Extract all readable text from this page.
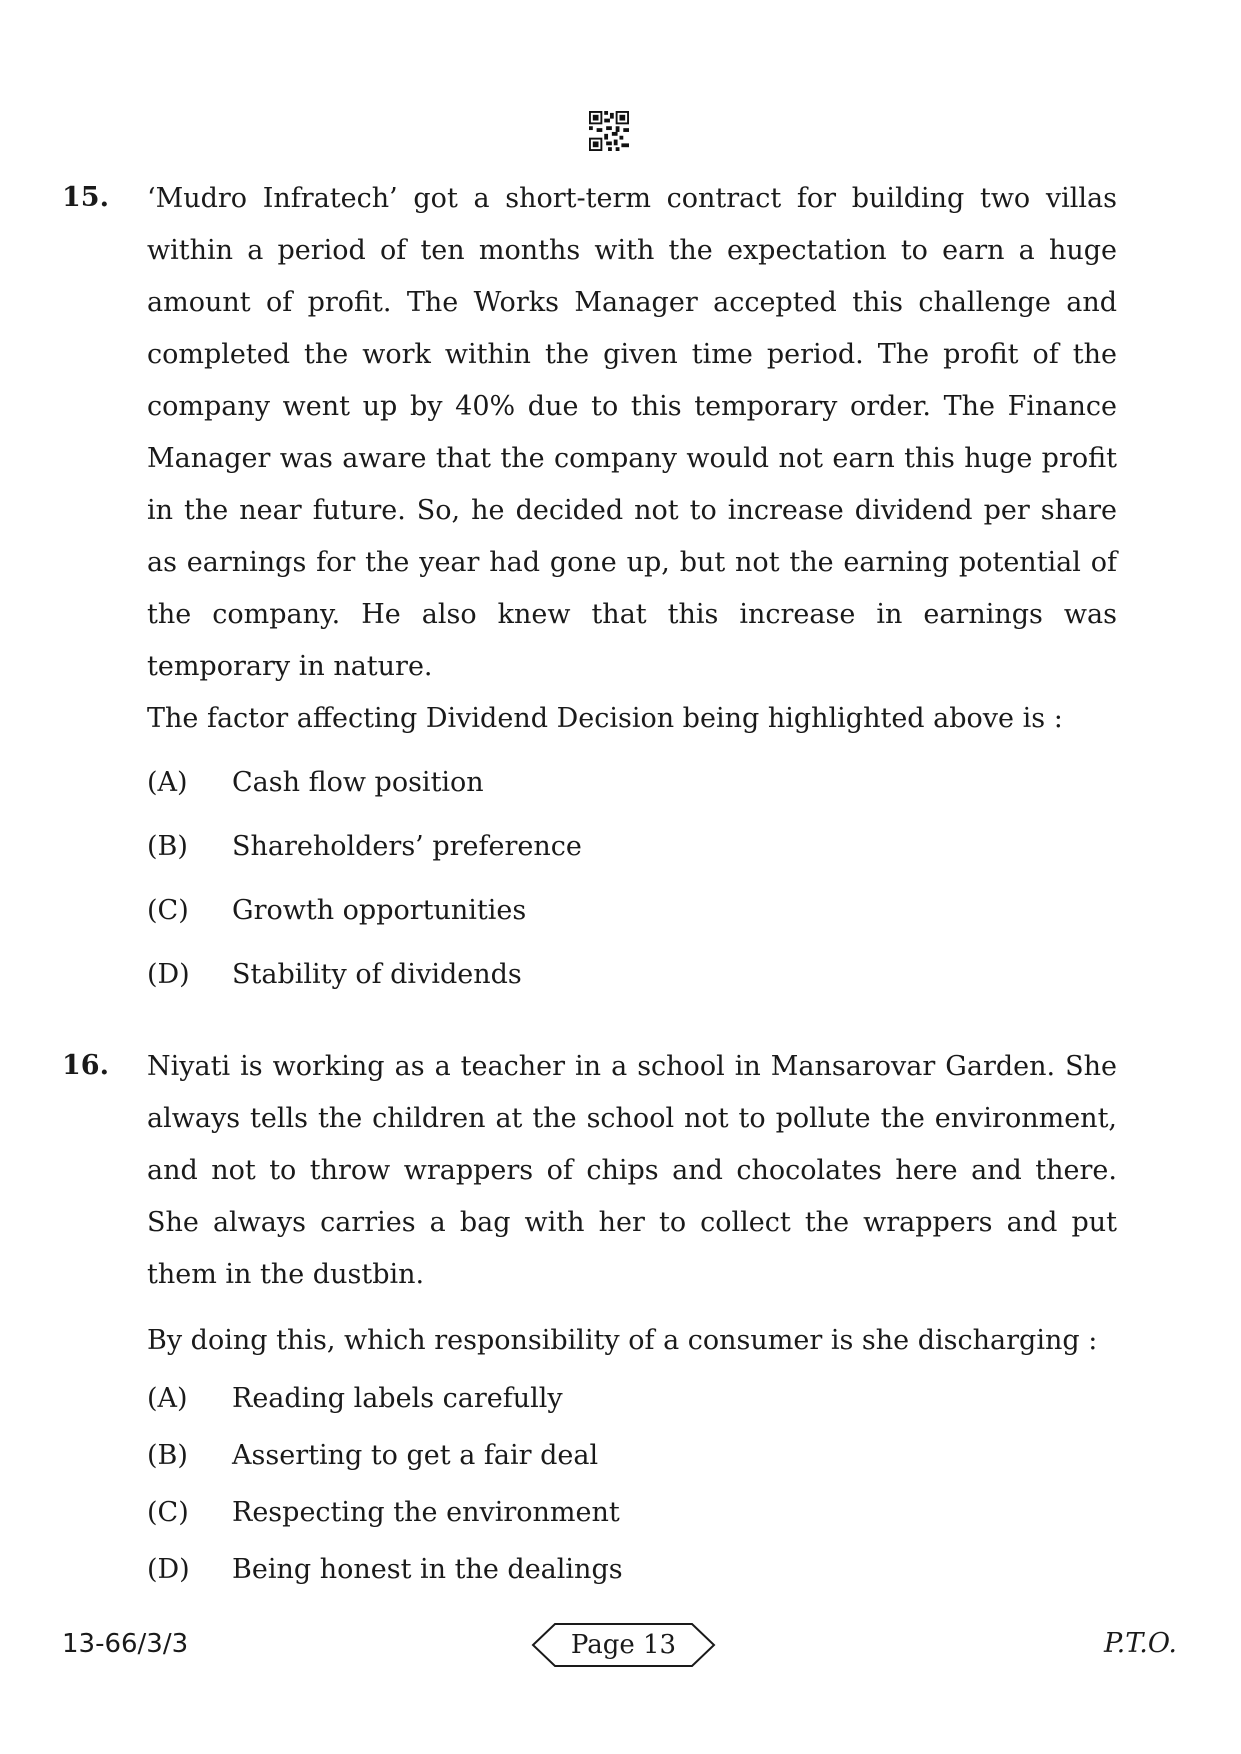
15. ‘Mudro Infratech’ got a short-term contract for building two villas within a period of ten months with the expectation to earn a huge amount of profit. The Works Manager accepted this challenge and completed the work within the given time period. The profit of the company went up by 40% due to this temporary order. The Finance Manager was aware that the company would not earn this huge profit in the near future. So, he decided not to increase dividend per share as earnings for the year had gone up, but not the earning potential of the company. He also knew that this increase in earnings was temporary in nature.

The factor affecting Dividend Decision being highlighted above is :

(A) Cash flow position
(B) Shareholders’ preference
(C) Growth opportunities
(D) Stability of dividends
16. Niyati is working as a teacher in a school in Mansarovar Garden. She always tells the children at the school not to pollute the environment, and not to throw wrappers of chips and chocolates here and there. She always carries a bag with her to collect the wrappers and put them in the dustbin.

By doing this, which responsibility of a consumer is she discharging :

(A) Reading labels carefully
(B) Asserting to get a fair deal
(C) Respecting the environment
(D) Being honest in the dealings
13-66/3/3	Page 13	P.T.O.
